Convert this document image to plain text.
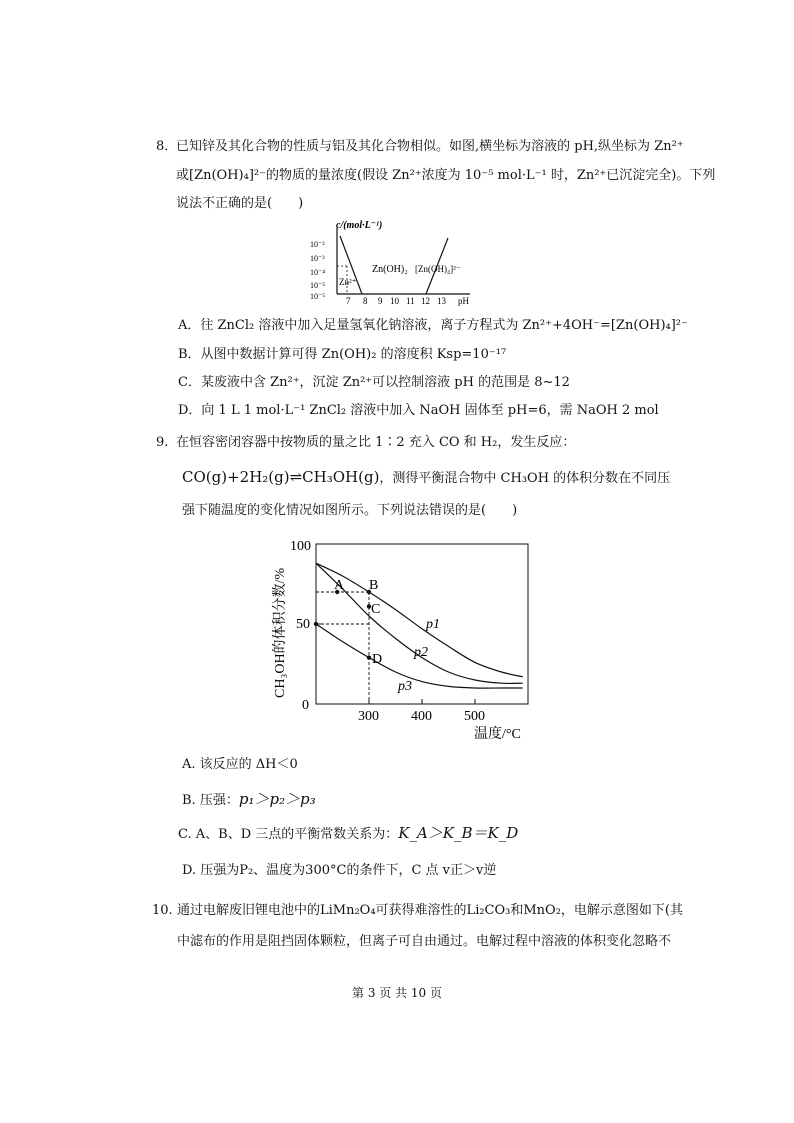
8．
已知锌及其化合物的性质与铝及其化合物相似。如图,横坐标为溶液的 pH,纵坐标为 Zn²⁺
或[Zn(OH)₄]²⁻的物质的量浓度(假设 Zn²⁺浓度为 10⁻⁵ mol·L⁻¹ 时，Zn²⁺已沉淀完全)。下列
说法不正确的是(　　)
c/(mol·L⁻¹)
10⁻²
10⁻³
10⁻⁴
10⁻⁵
10⁻⁵
Zn²⁺
Zn(OH)₂ [Zn(OH)₄]²⁻
7 8 9 10 11 12 13 pH
A．往 ZnCl₂ 溶液中加入足量氢氧化钠溶液，离子方程式为 Zn²⁺+4OH⁻=[Zn(OH)₄]²⁻
B．从图中数据计算可得 Zn(OH)₂ 的溶度积 Ksp=10⁻¹⁷
C．某废液中含 Zn²⁺，沉淀 Zn²⁺可以控制溶液 pH 的范围是 8~12
D．向 1 L 1 mol·L⁻¹ ZnCl₂ 溶液中加入 NaOH 固体至 pH=6，需 NaOH 2 mol
9. 在恒容密闭容器中按物质的量之比 1∶2 充入 CO 和 H₂，发生反应：
CO(g)+2H₂(g)⇌CH₃OH(g)，测得平衡混合物中 CH₃OH 的体积分数在不同压
强下随温度的变化情况如图所示。下列说法错误的是(　　)
100
50
0
300 400 500
温度/°C
CH₃OH的体积分数/%	p1
p2
p3
A B
C
D
A. 该反应的 ΔH＜0
B. 压强：p₁＞p₂＞p₃
C. A、B、D 三点的平衡常数关系为：K_A＞K_B＝K_D
D. 压强为P₂、温度为300°C的条件下，C 点 v正＞v逆
10. 通过电解废旧锂电池中的LiMn₂O₄可获得难溶性的Li₂CO₃和MnO₂，电解示意图如下(其
中滤布的作用是阻挡固体颗粒，但离子可自由通过。电解过程中溶液的体积变化忽略不
第 3 页 共 10 页
